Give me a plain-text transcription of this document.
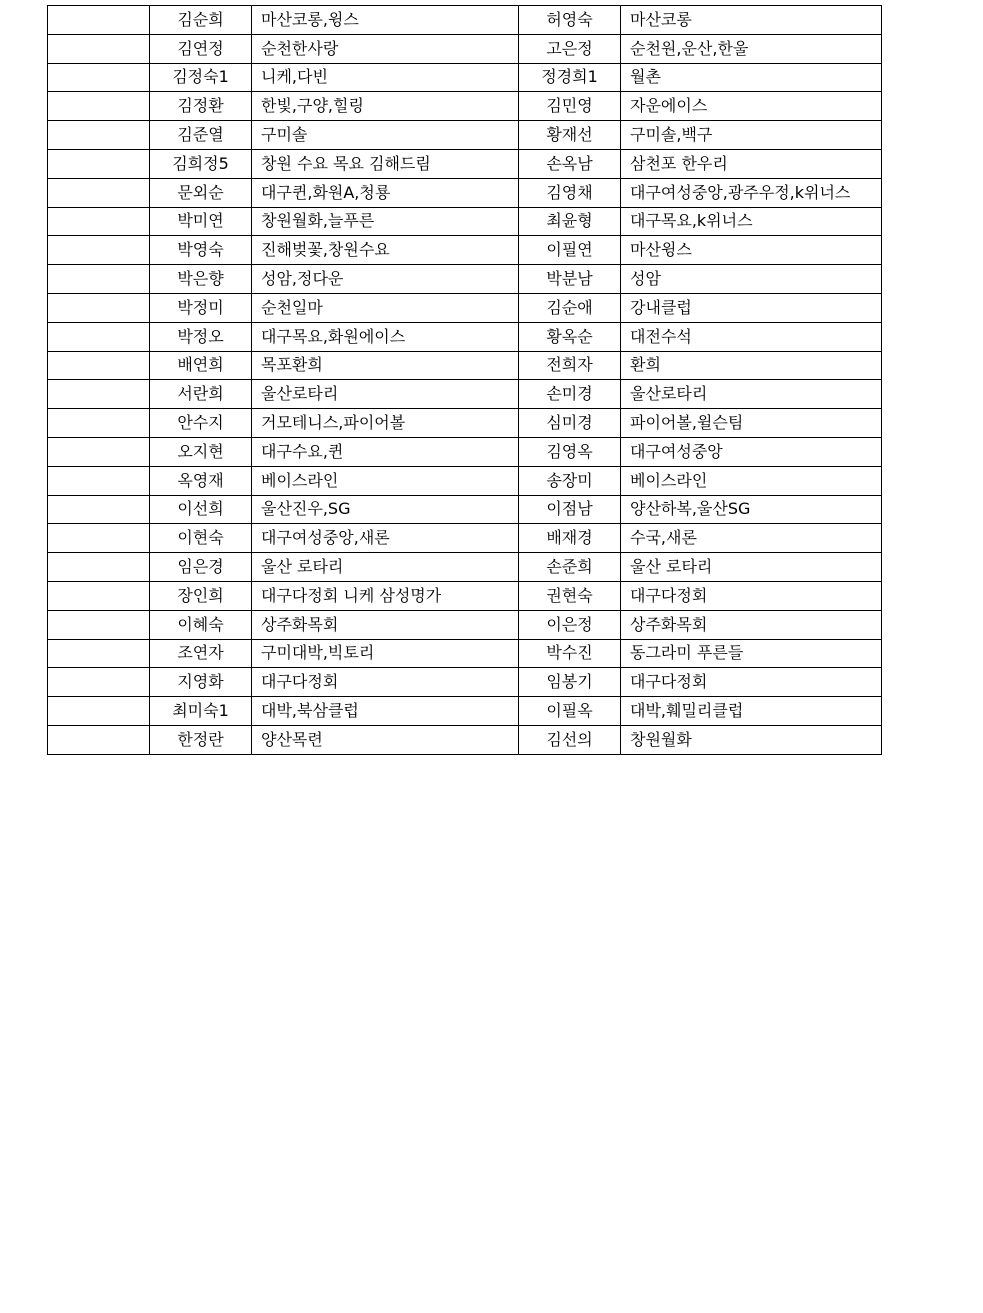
	김순희	마산코롱,윙스	허영숙	마산코롱
	김연정	순천한사랑	고은정	순천원,운산,한울
	김정숙1	니케,다빈	정경희1	월촌
	김정환	한빛,구양,힐링	김민영	자운에이스
	김준열	구미솔	황재선	구미솔,백구
	김희정5	창원 수요 목요 김해드림	손옥남	삼천포 한우리
	문외순	대구퀸,화원A,청룡	김영채	대구여성중앙,광주우정,k위너스
	박미연	창원월화,늘푸른	최윤형	대구목요,k위너스
	박영숙	진해벚꽃,창원수요	이필연	마산윙스
	박은향	성암,정다운	박분남	성암
	박정미	순천일마	김순애	강내클럽
	박정오	대구목요,화원에이스	황옥순	대전수석
	배연희	목포환희	전희자	환희
	서란희	울산로타리	손미경	울산로타리
	안수지	거모테니스,파이어볼	심미경	파이어볼,윌슨팀
	오지현	대구수요,퀸	김영옥	대구여성중앙
	옥영재	베이스라인	송장미	베이스라인
	이선희	울산진우,SG	이점남	양산하복,울산SG
	이현숙	대구여성중앙,새론	배재경	수국,새론
	임은경	울산 로타리	손준희	울산 로타리
	장인희	대구다정회 니케 삼성명가	권현숙	대구다정회
	이혜숙	상주화목회	이은정	상주화목회
	조연자	구미대박,빅토리	박수진	동그라미 푸른들
	지영화	대구다정회	임봉기	대구다정회
	최미숙1	대박,북삼클럽	이필옥	대박,훼밀리클럽
	한정란	양산목련	김선의	창원월화
